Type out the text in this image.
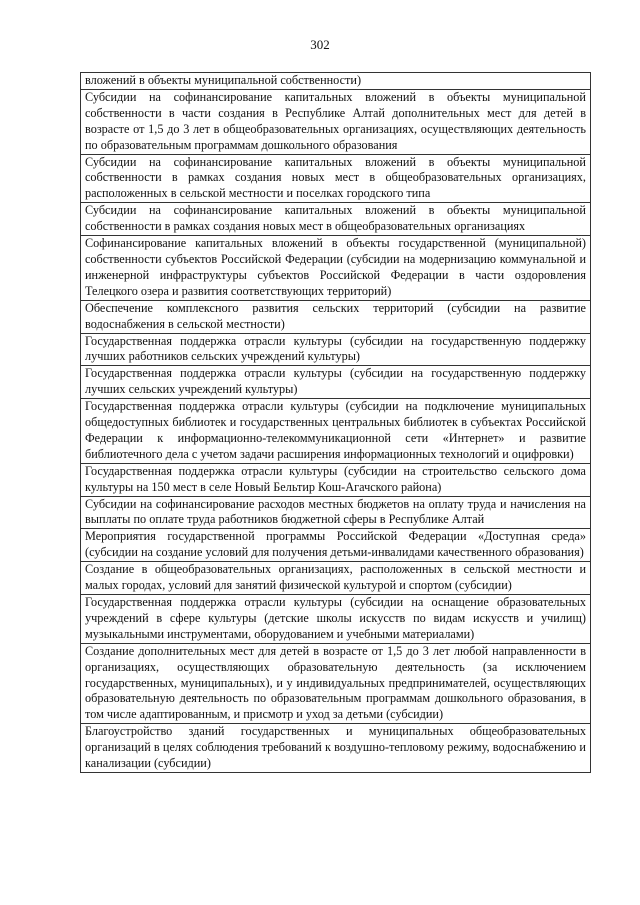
302
вложений в объекты муниципальной собственности)
Субсидии на софинансирование капитальных вложений в объекты муниципальной собственности в части создания в Республике Алтай дополнительных мест для детей в возрасте от 1,5 до 3 лет в общеобразовательных организациях, осуществляющих деятельность по образовательным программам дошкольного образования
Субсидии на софинансирование капитальных вложений в объекты муниципальной собственности в рамках создания новых мест в общеобразовательных организациях, расположенных в сельской местности и поселках городского типа
Субсидии на софинансирование капитальных вложений в объекты муниципальной собственности в рамках создания новых мест в общеобразовательных организациях
Софинансирование капитальных вложений в объекты государственной (муниципальной) собственности субъектов Российской Федерации (субсидии на модернизацию коммунальной и инженерной инфраструктуры субъектов Российской Федерации в части оздоровления Телецкого озера и развития соответствующих территорий)
Обеспечение комплексного развития сельских территорий (субсидии на развитие водоснабжения в сельской местности)
Государственная поддержка отрасли культуры (субсидии на государственную поддержку лучших работников сельских учреждений культуры)
Государственная поддержка отрасли культуры (субсидии на государственную поддержку лучших сельских учреждений культуры)
Государственная поддержка отрасли культуры (субсидии на подключение муниципальных общедоступных библиотек и государственных центральных библиотек в субъектах Российской Федерации к информационно-телекоммуникационной сети «Интернет» и развитие библиотечного дела с учетом задачи расширения информационных технологий и оцифровки)
Государственная поддержка отрасли культуры (субсидии на строительство сельского дома культуры на 150 мест в селе Новый Бельтир Кош-Агачского района)
Субсидии на софинансирование расходов местных бюджетов на оплату труда и начисления на выплаты по оплате труда работников бюджетной сферы в Республике Алтай
Мероприятия государственной программы Российской Федерации «Доступная среда» (субсидии на создание условий для получения детьми-инвалидами качественного образования)
Создание в общеобразовательных организациях, расположенных в сельской местности и малых городах, условий для занятий физической культурой и спортом (субсидии)
Государственная поддержка отрасли культуры (субсидии на оснащение образовательных учреждений в сфере культуры (детские школы искусств по видам искусств и училищ) музыкальными инструментами, оборудованием и учебными материалами)
Создание дополнительных мест для детей в возрасте от 1,5 до 3 лет любой направленности в организациях, осуществляющих образовательную деятельность (за исключением государственных, муниципальных), и у индивидуальных предпринимателей, осуществляющих образовательную деятельность по образовательным программам дошкольного образования, в том числе адаптированным, и присмотр и уход за детьми (субсидии)
Благоустройство зданий государственных и муниципальных общеобразовательных организаций в целях соблюдения требований к воздушно-тепловому режиму, водоснабжению и канализации (субсидии)
